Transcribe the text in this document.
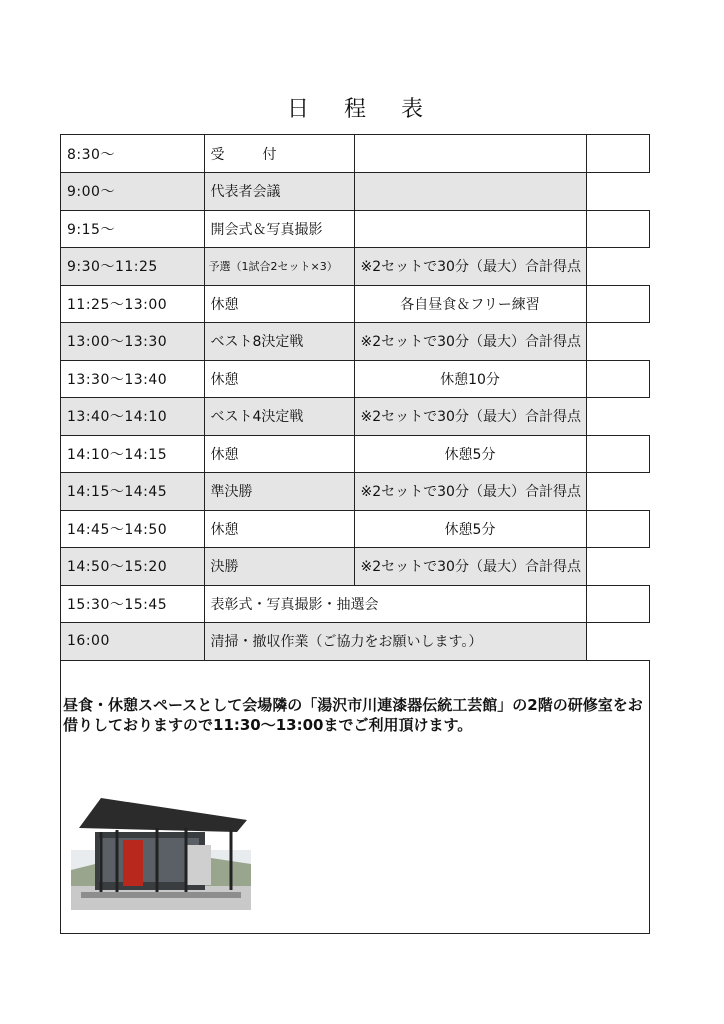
日 程 表
8:30〜	受　付		
9:00〜	代表者会議		
9:15〜	開会式＆写真撮影		
9:30〜11:25	予選（1試合2セット×3）	※2セットで30分（最大）合計得点	
11:25〜13:00	休憩	各自昼食＆フリー練習	
13:00〜13:30	ベスト8決定戦	※2セットで30分（最大）合計得点	
13:30〜13:40	休憩	休憩10分	
13:40〜14:10	ベスト4決定戦	※2セットで30分（最大）合計得点	
14:10〜14:15	休憩	休憩5分	
14:15〜14:45	準決勝	※2セットで30分（最大）合計得点	
14:45〜14:50	休憩	休憩5分	
14:50〜15:20	決勝	※2セットで30分（最大）合計得点	
15:30〜15:45	表彰式・写真撮影・抽選会		
16:00	清掃・撤収作業（ご協力をお願いします。）		
昼食・休憩スペースとして会場隣の「湯沢市川連漆器伝統工芸館」の2階の研修室をお借りしておりますので11:30〜13:00までご利用頂けます。
